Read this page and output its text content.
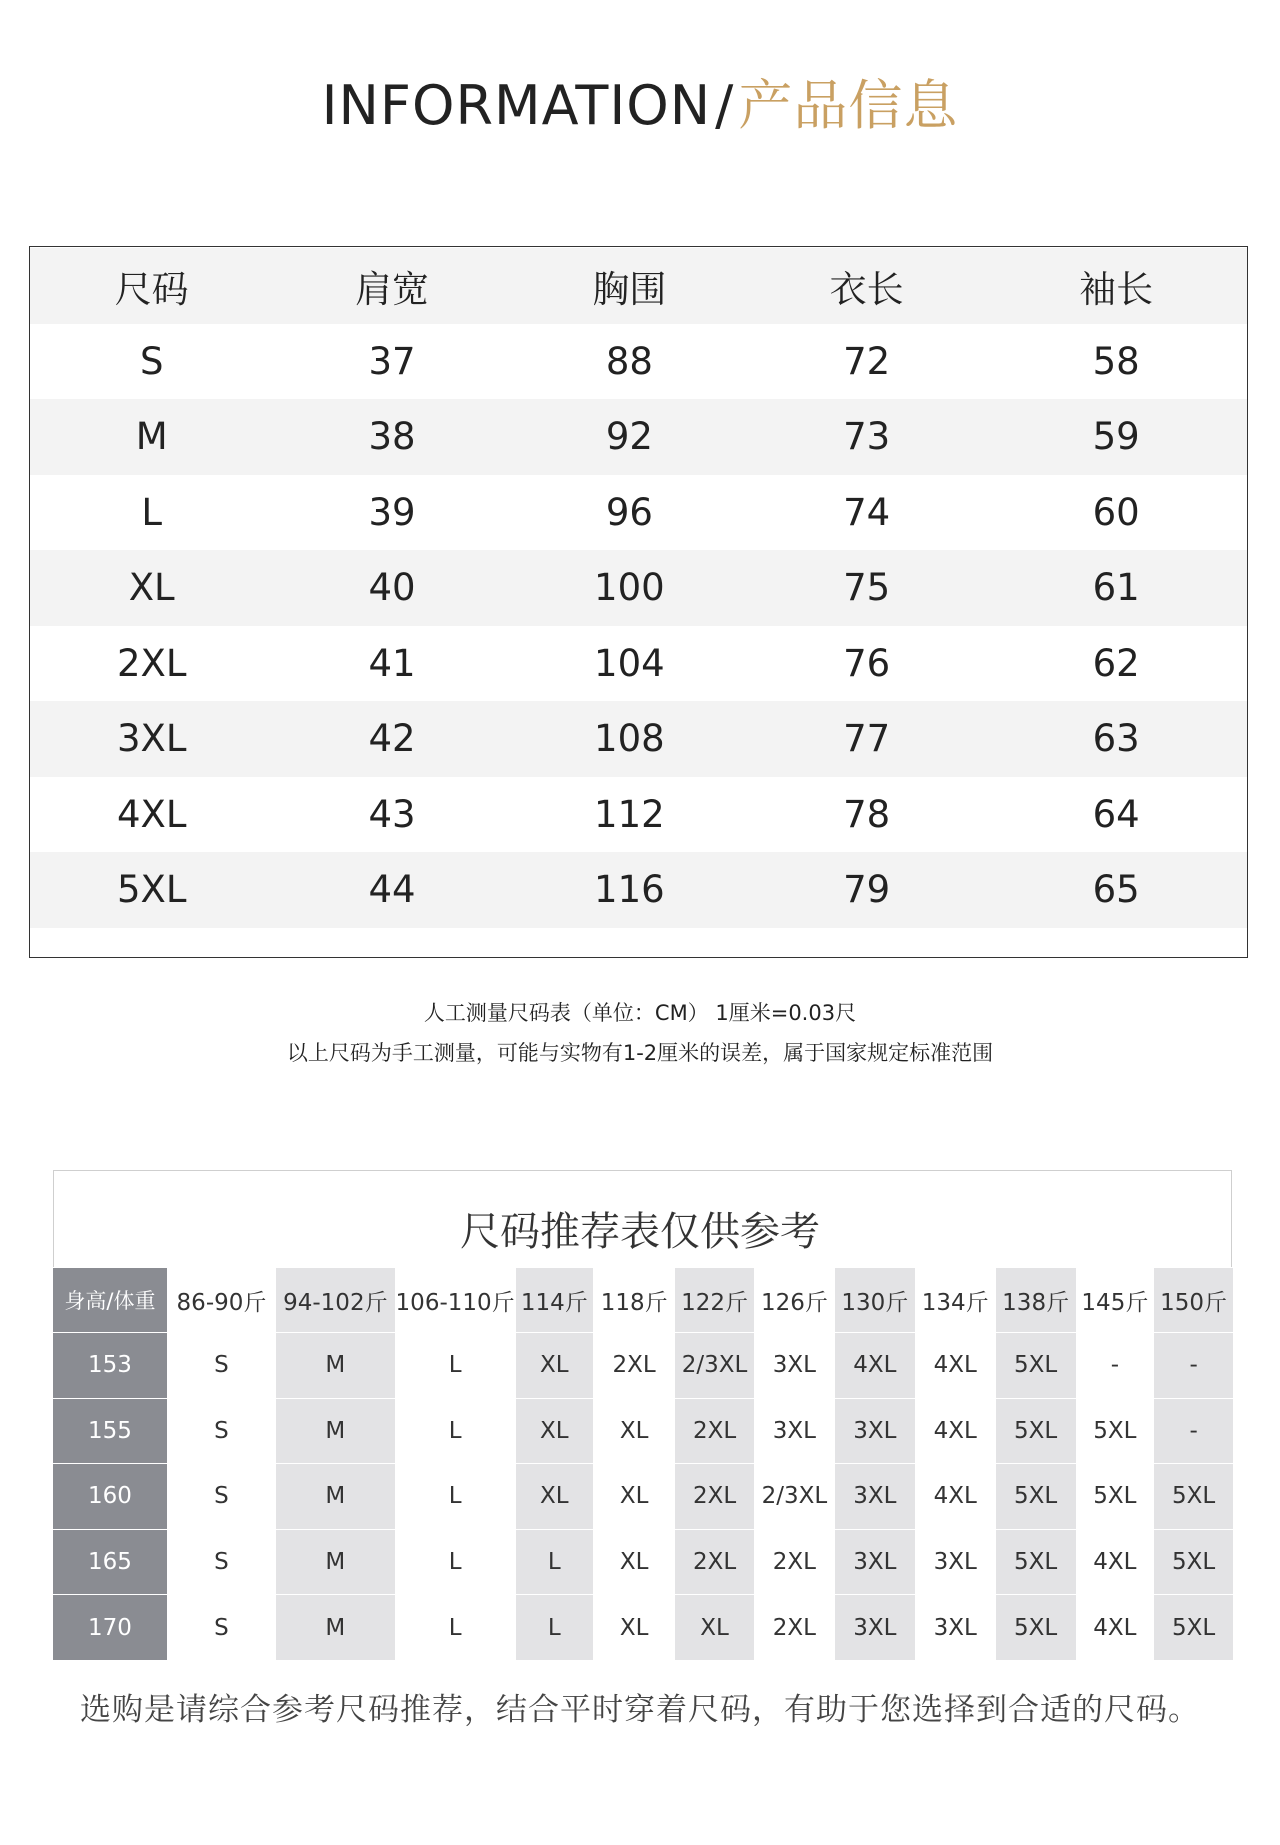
INFORMATION/产品信息
尺码	肩宽	胸围	衣长	袖长
S	37	88	72	58
M	38	92	73	59
L	39	96	74	60
XL	40	100	75	61
2XL	41	104	76	62
3XL	42	108	77	63
4XL	43	112	78	64
5XL	44	116	79	65
人工测量尺码表（单位：CM） 1厘米=0.03尺
以上尺码为手工测量，可能与实物有1-2厘米的误差，属于国家规定标准范围
尺码推荐表仅供参考
身高/体重	86-90斤	94-102斤	106-110斤	114斤	118斤	122斤	126斤	130斤	134斤	138斤	145斤	150斤
153	S	M	L	XL	2XL	2/3XL	3XL	4XL	4XL	5XL	-	-
155	S	M	L	XL	XL	2XL	3XL	3XL	4XL	5XL	5XL	-
160	S	M	L	XL	XL	2XL	2/3XL	3XL	4XL	5XL	5XL	5XL
165	S	M	L	L	XL	2XL	2XL	3XL	3XL	5XL	4XL	5XL
170	S	M	L	L	XL	XL	2XL	3XL	3XL	5XL	4XL	5XL
选购是请综合参考尺码推荐，结合平时穿着尺码，有助于您选择到合适的尺码。
